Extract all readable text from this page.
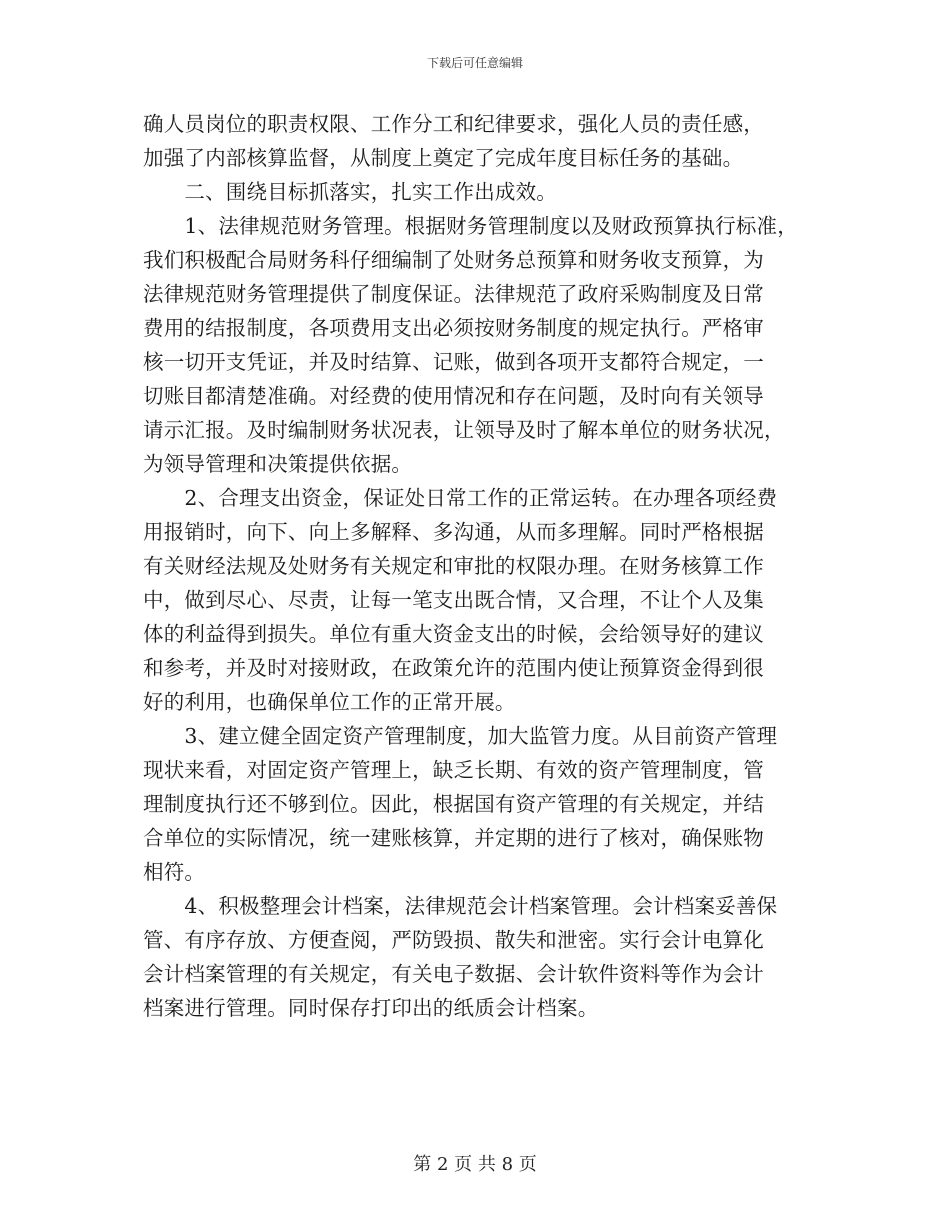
下载后可任意编辑
确人员岗位的职责权限、工作分工和纪律要求，强化人员的责任感，
加强了内部核算监督，从制度上奠定了完成年度目标任务的基础。
　　二、围绕目标抓落实，扎实工作出成效。
　　1、法律规范财务管理。根据财务管理制度以及财政预算执行标准，
我们积极配合局财务科仔细编制了处财务总预算和财务收支预算，为
法律规范财务管理提供了制度保证。法律规范了政府采购制度及日常
费用的结报制度，各项费用支出必须按财务制度的规定执行。严格审
核一切开支凭证，并及时结算、记账，做到各项开支都符合规定，一
切账目都清楚准确。对经费的使用情况和存在问题，及时向有关领导
请示汇报。及时编制财务状况表，让领导及时了解本单位的财务状况，
为领导管理和决策提供依据。
　　2、合理支出资金，保证处日常工作的正常运转。在办理各项经费
用报销时，向下、向上多解释、多沟通，从而多理解。同时严格根据
有关财经法规及处财务有关规定和审批的权限办理。在财务核算工作
中，做到尽心、尽责，让每一笔支出既合情，又合理，不让个人及集
体的利益得到损失。单位有重大资金支出的时候，会给领导好的建议
和参考，并及时对接财政，在政策允许的范围内使让预算资金得到很
好的利用，也确保单位工作的正常开展。
　　3、建立健全固定资产管理制度，加大监管力度。从目前资产管理
现状来看，对固定资产管理上，缺乏长期、有效的资产管理制度，管
理制度执行还不够到位。因此，根据国有资产管理的有关规定，并结
合单位的实际情况，统一建账核算，并定期的进行了核对，确保账物
相符。
　　4、积极整理会计档案，法律规范会计档案管理。会计档案妥善保
管、有序存放、方便查阅，严防毁损、散失和泄密。实行会计电算化
会计档案管理的有关规定，有关电子数据、会计软件资料等作为会计
档案进行管理。同时保存打印出的纸质会计档案。
第 2 页 共 8 页
